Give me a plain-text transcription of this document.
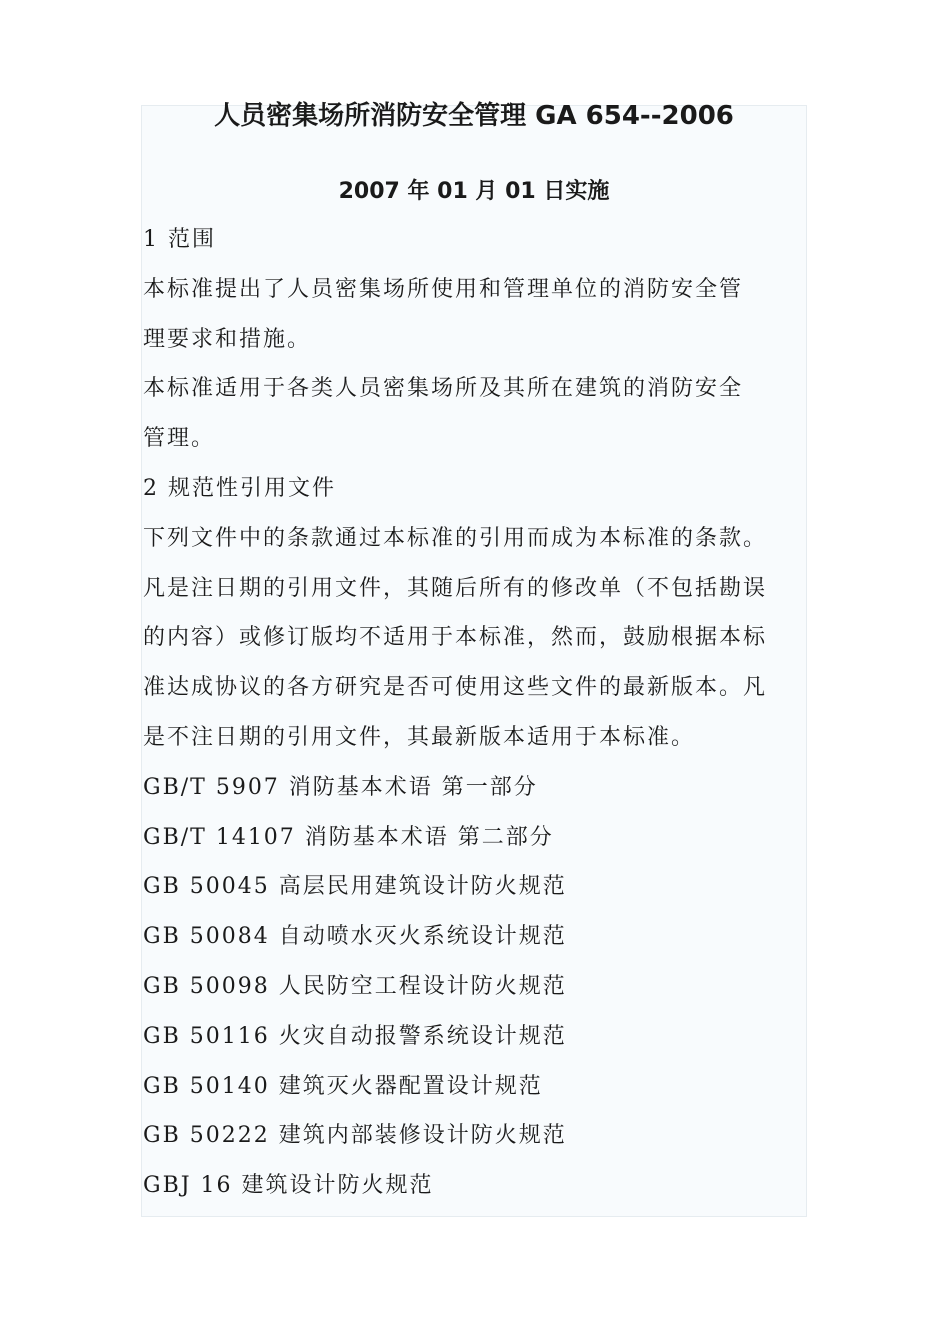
人员密集场所消防安全管理 GA 654--2006
2007 年 01 月 01 日实施
1 范围
本标准提出了人员密集场所使用和管理单位的消防安全管
理要求和措施。
本标准适用于各类人员密集场所及其所在建筑的消防安全
管理。
2 规范性引用文件
下列文件中的条款通过本标准的引用而成为本标准的条款。
凡是注日期的引用文件，其随后所有的修改单（不包括勘误
的内容）或修订版均不适用于本标准，然而，鼓励根据本标
准达成协议的各方研究是否可使用这些文件的最新版本。凡
是不注日期的引用文件，其最新版本适用于本标准。
GB/T 5907 消防基本术语 第一部分
GB/T 14107 消防基本术语 第二部分
GB 50045 高层民用建筑设计防火规范
GB 50084 自动喷水灭火系统设计规范
GB 50098 人民防空工程设计防火规范
GB 50116 火灾自动报警系统设计规范
GB 50140 建筑灭火器配置设计规范
GB 50222 建筑内部装修设计防火规范
GBJ 16 建筑设计防火规范
